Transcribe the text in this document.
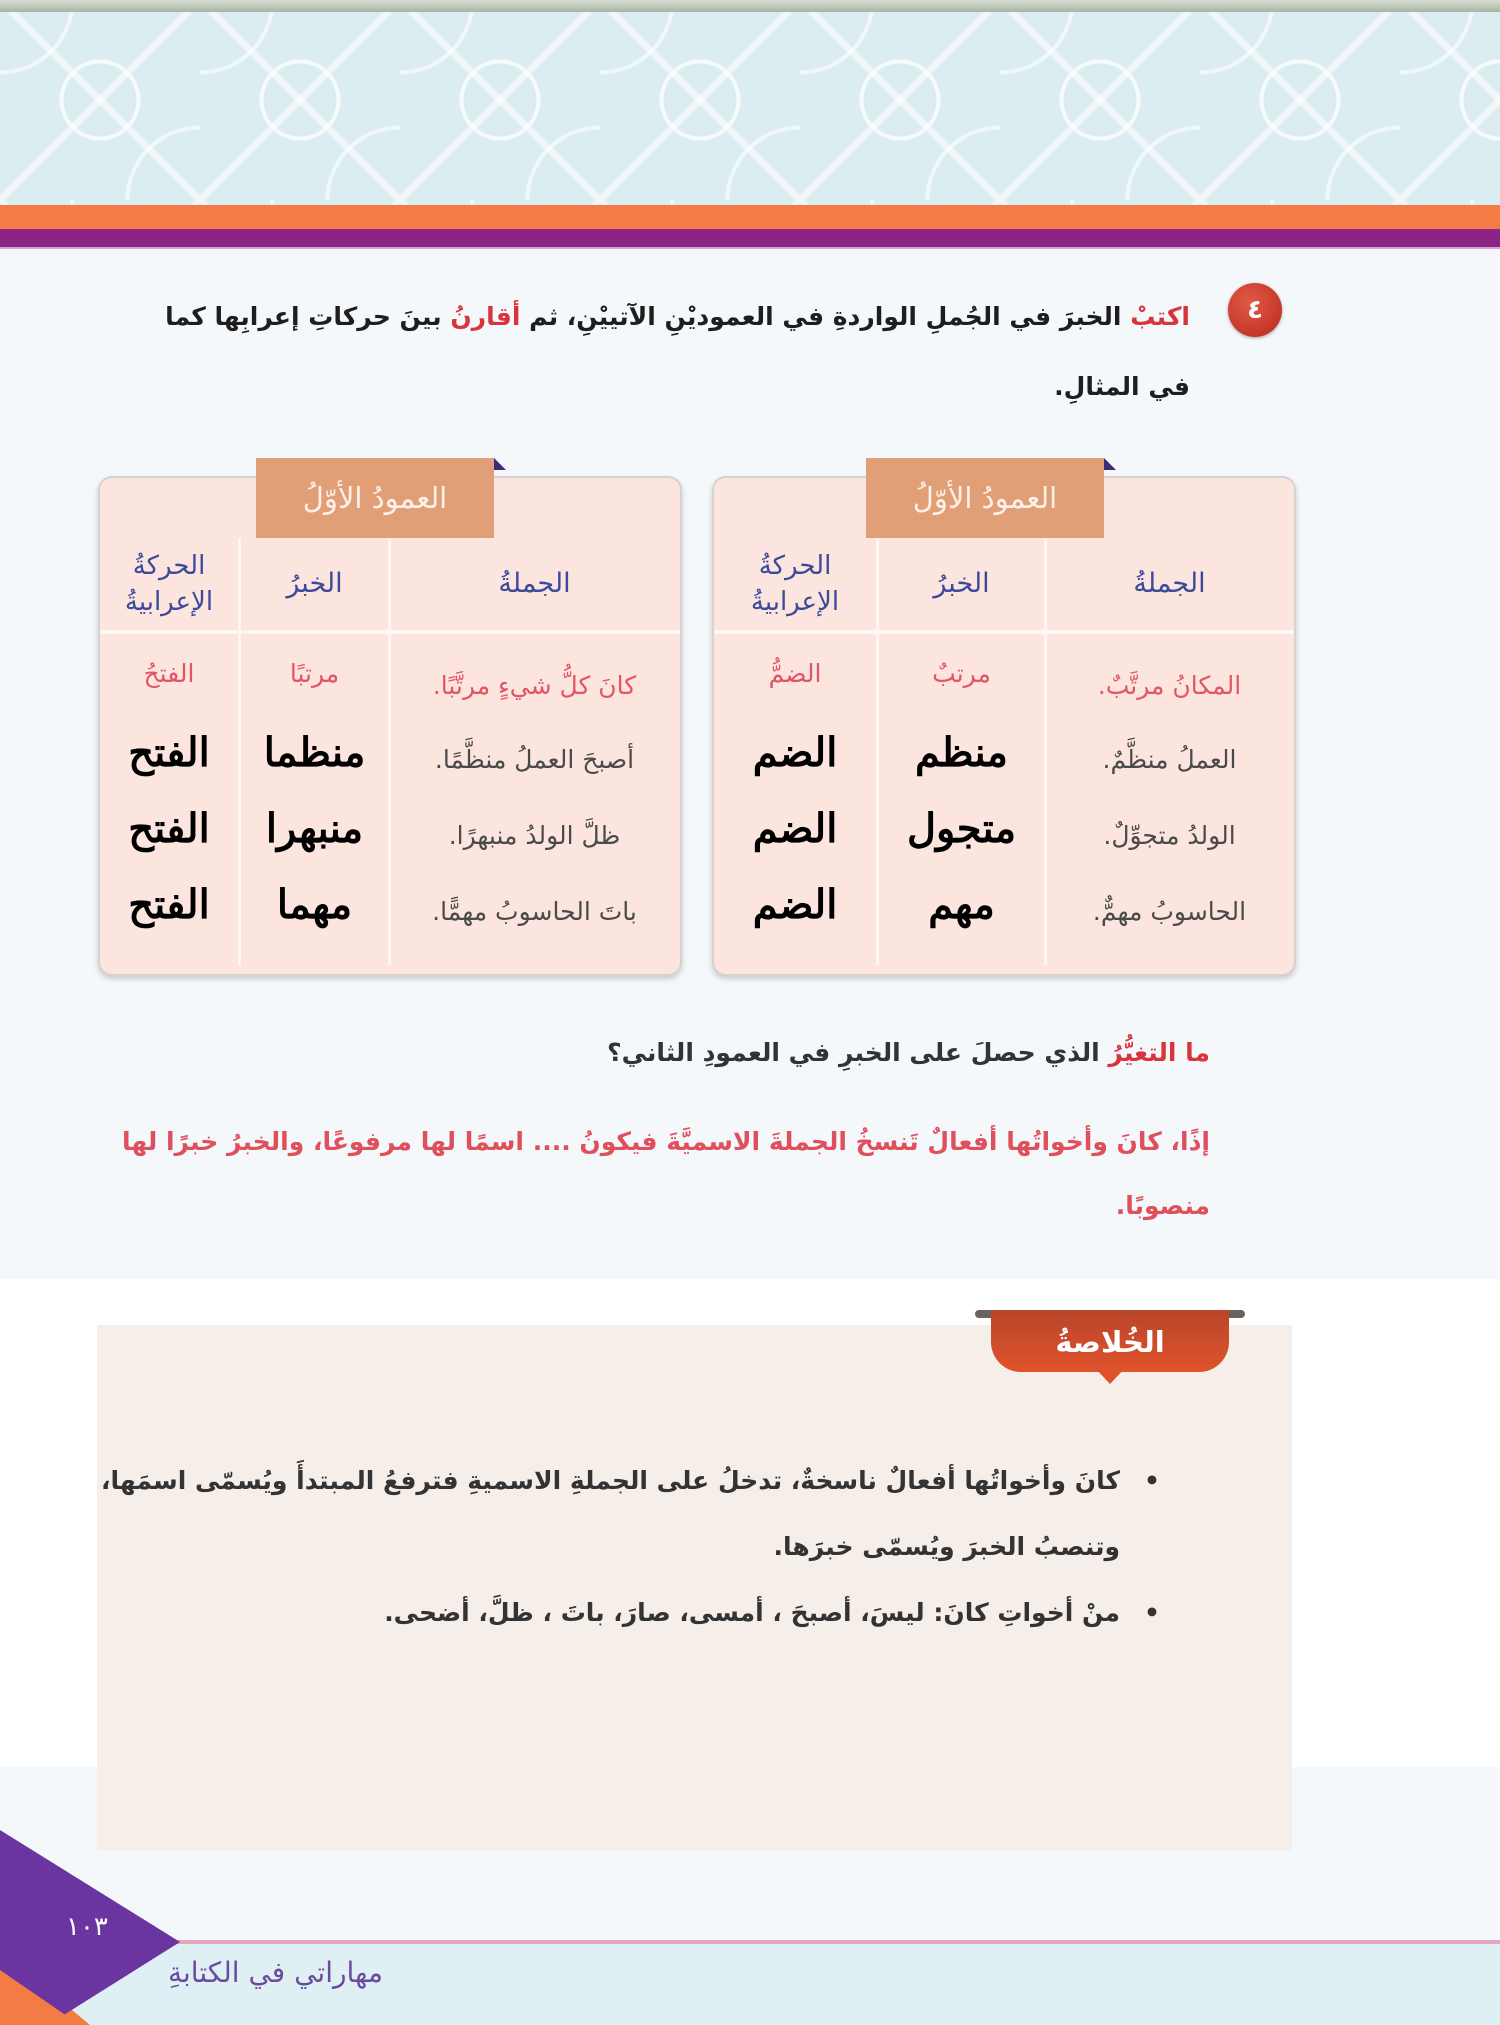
٤
اكتبْ الخبرَ في الجُملِ الواردةِ في العموديْنِ الآتييْنِ، ثم أقارنُ بينَ حركاتِ إعرابِها كما في المثالِ.
العمودُ الأوّلُ
الجملةُ
الخبرُ
الحركةُ الإعرابيةُ
المكانُ مرتَّبٌ.
مرتبٌ
الضمُّ
العملُ منظَّمٌ.
منظم
الضم
الولدُ متجوِّلٌ.
متجول
الضم
الحاسوبُ مهمٌّ.
مهم
الضم
العمودُ الأوّلُ
الجملةُ
الخبرُ
الحركةُ الإعرابيةُ
كانَ كلُّ شيءٍ مرتَّبًا.
مرتبًا
الفتحُ
أصبحَ العملُ منظَّمًا.
منظما
الفتح
ظلَّ الولدُ منبهرًا.
منبهرا
الفتح
باتَ الحاسوبُ مهمًّا.
مهما
الفتح
ما التغيُّرُ الذي حصلَ على الخبرِ في العمودِ الثاني؟
إذًا، كانَ وأخواتُها أفعالٌ تَنسخُ الجملةَ الاسميَّةَ فيكونُ .... اسمًا لها مرفوعًا، والخبرُ خبرًا لها منصوبًا.
الخُلاصةُ
•
كانَ وأخواتُها أفعالٌ ناسخةٌ، تدخلُ على الجملةِ الاسميةِ فترفعُ المبتدأَ ويُسمّى اسمَها، وتنصبُ الخبرَ ويُسمّى خبرَها.
•
منْ أخواتِ كانَ: ليسَ، أصبحَ ، أمسى، صارَ، باتَ ، ظلَّ، أضحى.
١٠٣
مهاراتي في الكتابةِ
